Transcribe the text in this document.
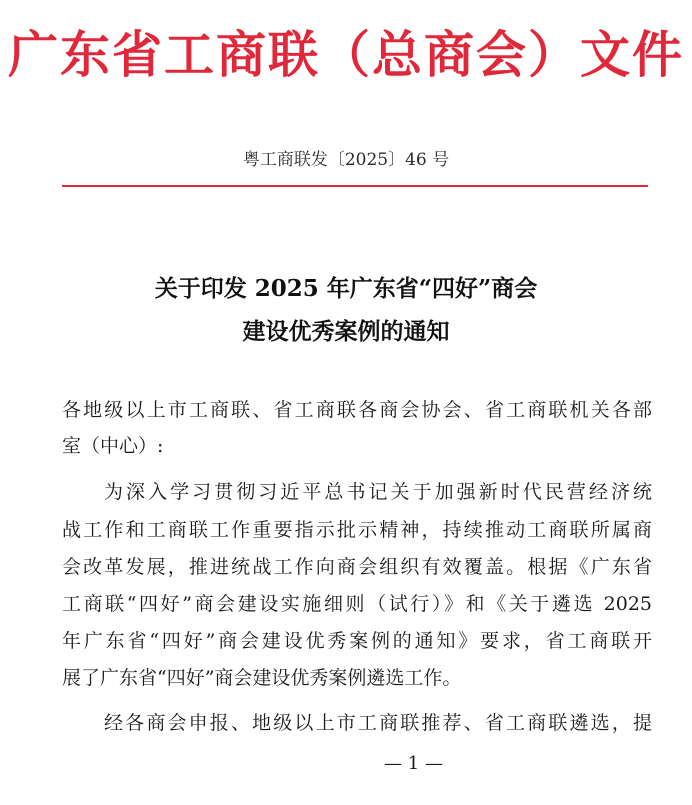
广东省工商联（总商会）文件
粤工商联发〔2025〕46 号
关于印发 2025 年广东省“四好”商会
建设优秀案例的通知
各地级以上市工商联、省工商联各商会协会、省工商联机关各部
室（中心）:
为深入学习贯彻习近平总书记关于加强新时代民营经济统
战工作和工商联工作重要指示批示精神，持续推动工商联所属商
会改革发展，推进统战工作向商会组织有效覆盖。根据《广东省
工商联“四好”商会建设实施细则（试行）》和《关于遴选 2025
年广东省“四好”商会建设优秀案例的通知》要求，省工商联开
展了广东省“四好”商会建设优秀案例遴选工作。
经各商会申报、地级以上市工商联推荐、省工商联遴选，提
— 1 —
